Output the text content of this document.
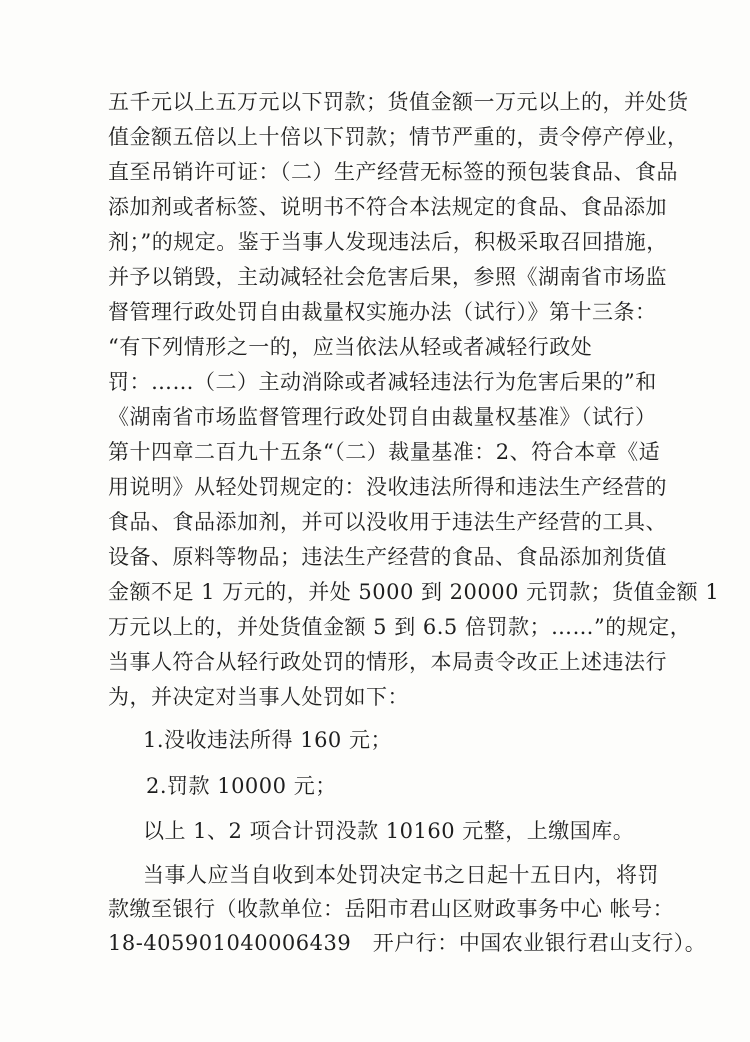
五千元以上五万元以下罚款；货值金额一万元以上的，并处货
值金额五倍以上十倍以下罚款；情节严重的，责令停产停业，
直至吊销许可证：（二）生产经营无标签的预包装食品、食品
添加剂或者标签、说明书不符合本法规定的食品、食品添加
剂；”的规定。鉴于当事人发现违法后，积极采取召回措施，
并予以销毁，主动减轻社会危害后果，参照《湖南省市场监
督管理行政处罚自由裁量权实施办法（试行）》第十三条：
“有下列情形之一的，应当依法从轻或者减轻行政处
罚：……（二）主动消除或者减轻违法行为危害后果的”和
《湖南省市场监督管理行政处罚自由裁量权基准》（试行）
第十四章二百九十五条“（二）裁量基准：2、符合本章《适
用说明》从轻处罚规定的：没收违法所得和违法生产经营的
食品、食品添加剂，并可以没收用于违法生产经营的工具、
设备、原料等物品；违法生产经营的食品、食品添加剂货值
金额不足 1 万元的，并处 5000 到 20000 元罚款；货值金额 1
万元以上的，并处货值金额 5 到 6.5 倍罚款；……”的规定，
当事人符合从轻行政处罚的情形，本局责令改正上述违法行
为，并决定对当事人处罚如下：
1.没收违法所得 160 元；
2.罚款 10000 元；
以上 1、2 项合计罚没款 10160 元整，上缴国库。
当事人应当自收到本处罚决定书之日起十五日内，将罚
款缴至银行（收款单位：岳阳市君山区财政事务中心 帐号：
18-405901040006439　开户行：中国农业银行君山支行）。
